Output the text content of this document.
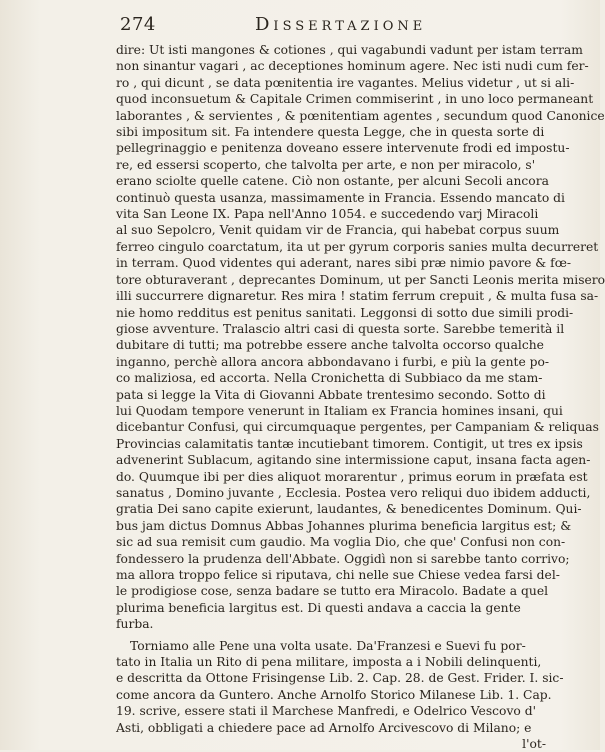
274	Dissertazione

dire: Ut isti mangones & cotiones , qui vagabundi vadunt per istam terram

non sinantur vagari , ac deceptiones hominum agere. Nec isti nudi cum fer-

ro , qui dicunt , se data pœnitentia ire vagantes. Melius videtur , ut si ali-

quod inconsuetum & Capitale Crimen commiserint , in uno loco permaneant

laborantes , & servientes , & pœnitentiam agentes , secundum quod Canonice

sibi impositum sit. Fa intendere questa Legge, che in questa sorte di

pellegrinaggio e penitenza doveano essere intervenute frodi ed impostu-

re, ed essersi scoperto, che talvolta per arte, e non per miracolo, s'

erano sciolte quelle catene. Ciò non ostante, per alcuni Secoli ancora

continuò questa usanza, massimamente in Francia. Essendo mancato di

vita San Leone IX. Papa nell'Anno 1054. e succedendo varj Miracoli

al suo Sepolcro, Venit quidam vir de Francia, qui habebat corpus suum

ferreo cingulo coarctatum, ita ut per gyrum corporis sanies multa decurreret

in terram. Quod videntes qui aderant, nares sibi præ nimio pavore & fœ-

tore obturaverant , deprecantes Dominum, ut per Sancti Leonis merita misero

illi succurrere dignaretur. Res mira ! statim ferrum crepuit , & multa fusa sa-

nie homo redditus est penitus sanitati. Leggonsi di sotto due simili prodi-

giose avventure. Tralascio altri casi di questa sorte. Sarebbe temerità il

dubitare di tutti; ma potrebbe essere anche talvolta occorso qualche

inganno, perchè allora ancora abbondavano i furbi, e più la gente po-

co maliziosa, ed accorta. Nella Cronichetta di Subbiaco da me stam-

pata si legge la Vita di Giovanni Abbate trentesimo secondo. Sotto di

lui Quodam tempore venerunt in Italiam ex Francia homines insani, qui

dicebantur Confusi, qui circumquaque pergentes, per Campaniam & reliquas

Provincias calamitatis tantæ incutiebant timorem. Contigit, ut tres ex ipsis

advenerint Sublacum, agitando sine intermissione caput, insana facta agen-

do. Quumque ibi per dies aliquot morarentur , primus eorum in præfata est

sanatus , Domino juvante , Ecclesia. Postea vero reliqui duo ibidem adducti,

gratia Dei sano capite exierunt, laudantes, & benedicentes Dominum. Qui-

bus jam dictus Domnus Abbas Johannes plurima beneficia largitus est; &

sic ad sua remisit cum gaudio. Ma voglia Dio, che que' Confusi non con-

fondessero la prudenza dell'Abbate. Oggidì non si sarebbe tanto corrivo;

ma allora troppo felice si riputava, chi nelle sue Chiese vedea farsi del-

le prodigiose cose, senza badare se tutto era Miracolo. Badate a quel

plurima beneficia largitus est. Di questi andava a caccia la gente

furba.

Torniamo alle Pene una volta usate. Da'Franzesi e Suevi fu por-

tato in Italia un Rito di pena militare, imposta a i Nobili delinquenti,

e descritta da Ottone Frisingense Lib. 2. Cap. 28. de Gest. Frider. I. sic-

come ancora da Guntero. Anche Arnolfo Storico Milanese Lib. 1. Cap.

19. scrive, essere stati il Marchese Manfredi, e Odelrico Vescovo d'

Asti, obbligati a chiedere pace ad Arnolfo Arcivescovo di Milano; e

l'ot-
